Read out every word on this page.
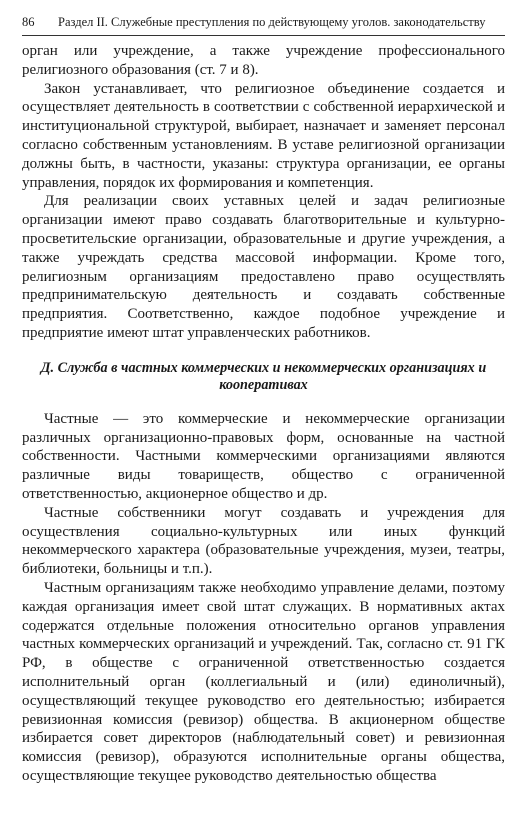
86	Раздел II. Служебные преступления по действующему уголов. законодательству

орган или учреждение, а также учреждение профессионального религиозного образования (ст. 7 и 8).

Закон устанавливает, что религиозное объединение создается и осуществляет деятельность в соответствии с собственной иерархической и институциональной структурой, выбирает, назначает и заменяет персонал согласно собственным установлениям. В уставе религиозной организации должны быть, в частности, указаны: структура организации, ее органы управления, порядок их формирования и компетенция.

Для реализации своих уставных целей и задач религиозные организации имеют право создавать благотворительные и культурно-просветительские организации, образовательные и другие учреждения, а также учреждать средства массовой информации. Кроме того, религиозным организациям предоставлено право осуществлять предпринимательскую деятельность и создавать собственные предприятия. Соответственно, каждое подобное учреждение и предприятие имеют штат управленческих работников.

Д. Служба в частных коммерческих и некоммерческих организациях и кооперативах

Частные — это коммерческие и некоммерческие организации различных организационно-правовых форм, основанные на частной собственности. Частными коммерческими организациями являются различные виды товариществ, общество с ограниченной ответственностью, акционерное общество и др.

Частные собственники могут создавать и учреждения для осуществления социально-культурных или иных функций некоммерческого характера (образовательные учреждения, музеи, театры, библиотеки, больницы и т.п.).

Частным организациям также необходимо управление делами, поэтому каждая организация имеет свой штат служащих. В нормативных актах содержатся отдельные положения относительно органов управления частных коммерческих организаций и учреждений. Так, согласно ст. 91 ГК РФ, в обществе с ограниченной ответственностью создается исполнительный орган (коллегиальный и (или) единоличный), осуществляющий текущее руководство его деятельностью; избирается ревизионная комиссия (ревизор) общества. В акционерном обществе избирается совет директоров (наблюдательный совет) и ревизионная комиссия (ревизор), образуются исполнительные органы общества, осуществляющие текущее руководство деятельностью общества
